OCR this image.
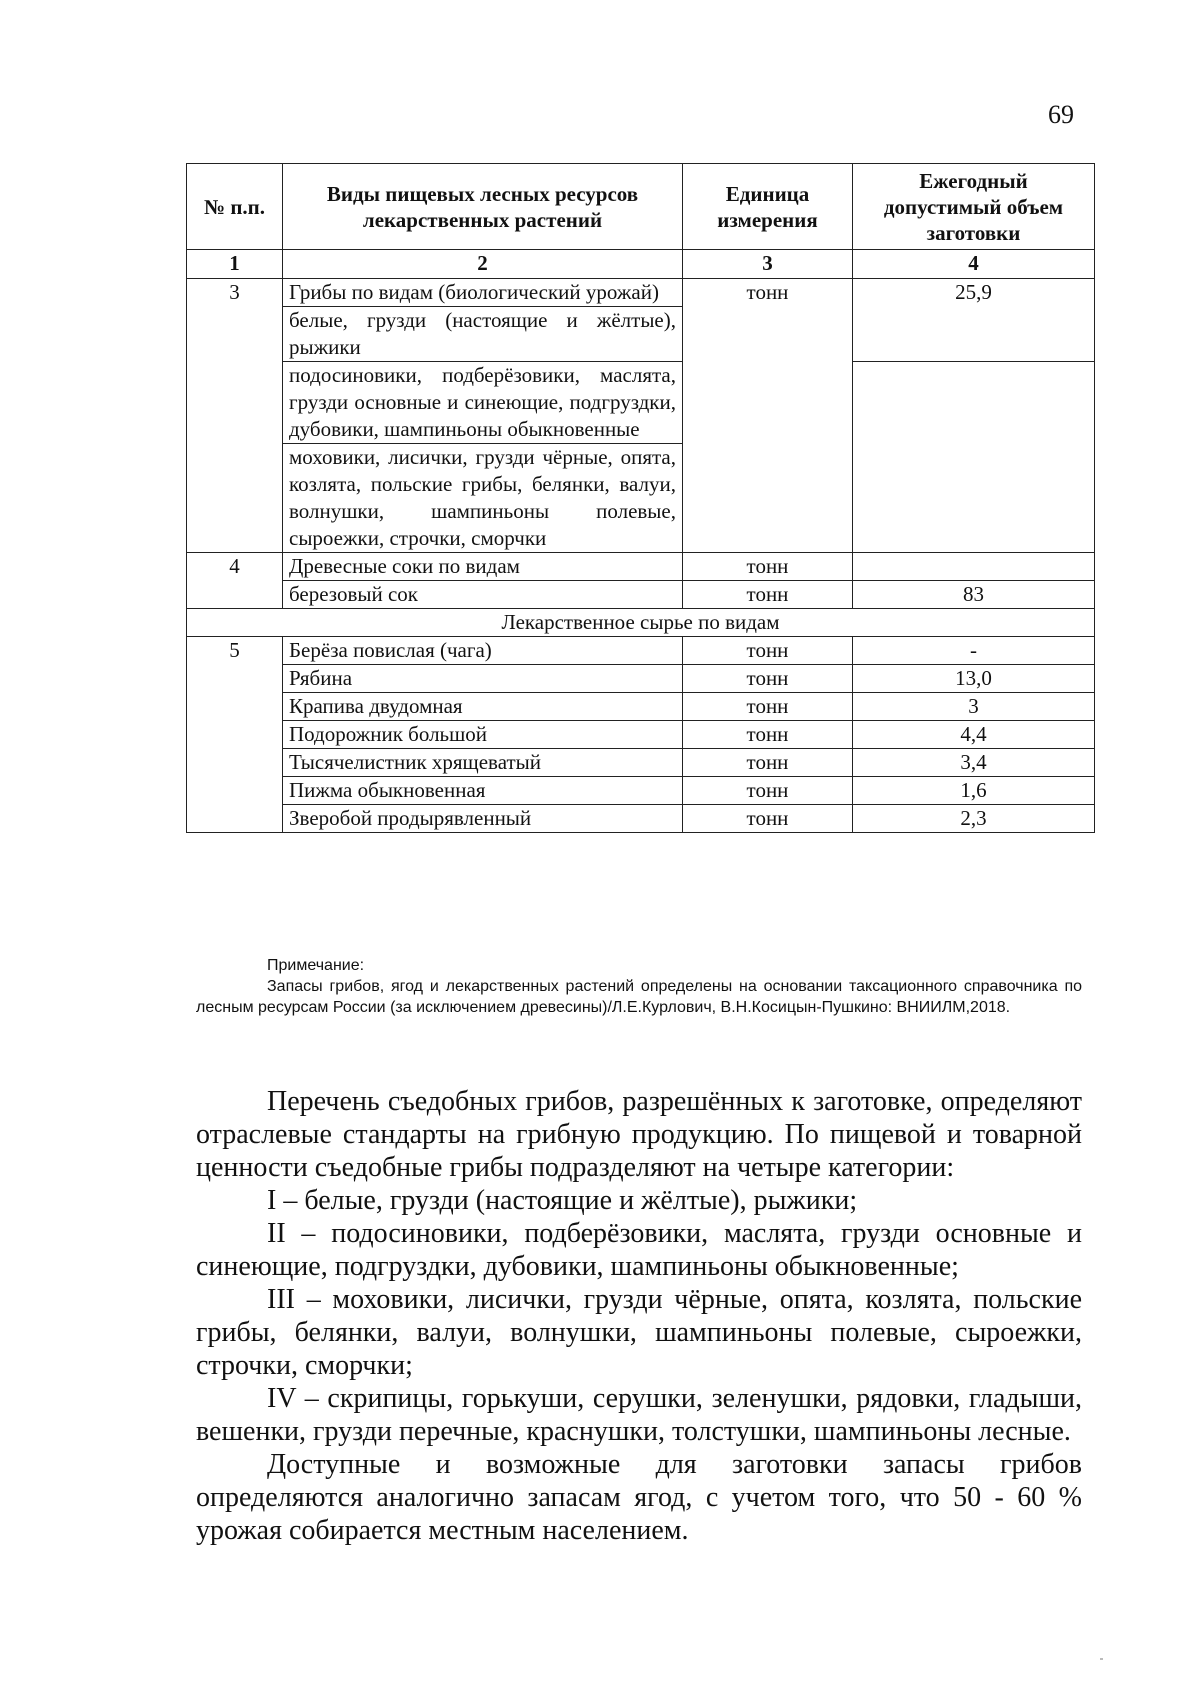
69
№ п.п.	Виды пищевых лесных ресурсов лекарственных растений	Единица измерения	Ежегодный допустимый объем заготовки
1	2	3	4
3	Грибы по видам (биологический урожай)	тонн	25,9
	белые, грузди (настоящие и жёлтые), рыжики		
	подосиновики, подберёзовики, маслята, грузди основные и синеющие, подгруздки, дубовики, шампиньоны обыкновенные		
	моховики, лисички, грузди чёрные, опята, козлята, польские грибы, белянки, валуи, волнушки, шампиньоны полевые, сыроежки, строчки, сморчки		
4	Древесные соки по видам	тонн	
	березовый сок	тонн	83
Лекарственное сырье по видам			
5	Берёза повислая (чага)	тонн	-
	Рябина	тонн	13,0
	Крапива двудомная	тонн	3
	Подорожник большой	тонн	4,4
	Тысячелистник хрящеватый	тонн	3,4
	Пижма обыкновенная	тонн	1,6
	Зверобой продырявленный	тонн	2,3
Примечание:

Запасы грибов, ягод и лекарственных растений определены на основании таксационного справочника по лесным ресурсам России (за исключением древесины)/Л.Е.Курлович, В.Н.Косицын-Пушкино: ВНИИЛМ,2018.

Перечень съедобных грибов, разрешённых к заготовке, определяют отраслевые стандарты на грибную продукцию. По пищевой и товарной ценности съедобные грибы подразделяют на четыре категории:

I – белые, грузди (настоящие и жёлтые), рыжики;

II – подосиновики, подберёзовики, маслята, грузди основные и синеющие, подгруздки, дубовики, шампиньоны обыкновенные;

III – моховики, лисички, грузди чёрные, опята, козлята, польские грибы, белянки, валуи, волнушки, шампиньоны полевые, сыроежки, строчки, сморчки;

IV – скрипицы, горькуши, серушки, зеленушки, рядовки, гладыши, вешенки, грузди перечные, краснушки, толстушки, шампиньоны лесные.

Доступные и возможные для заготовки запасы грибов определяются аналогично запасам ягод, с учетом того, что 50 - 60 % урожая собирается местным населением.
